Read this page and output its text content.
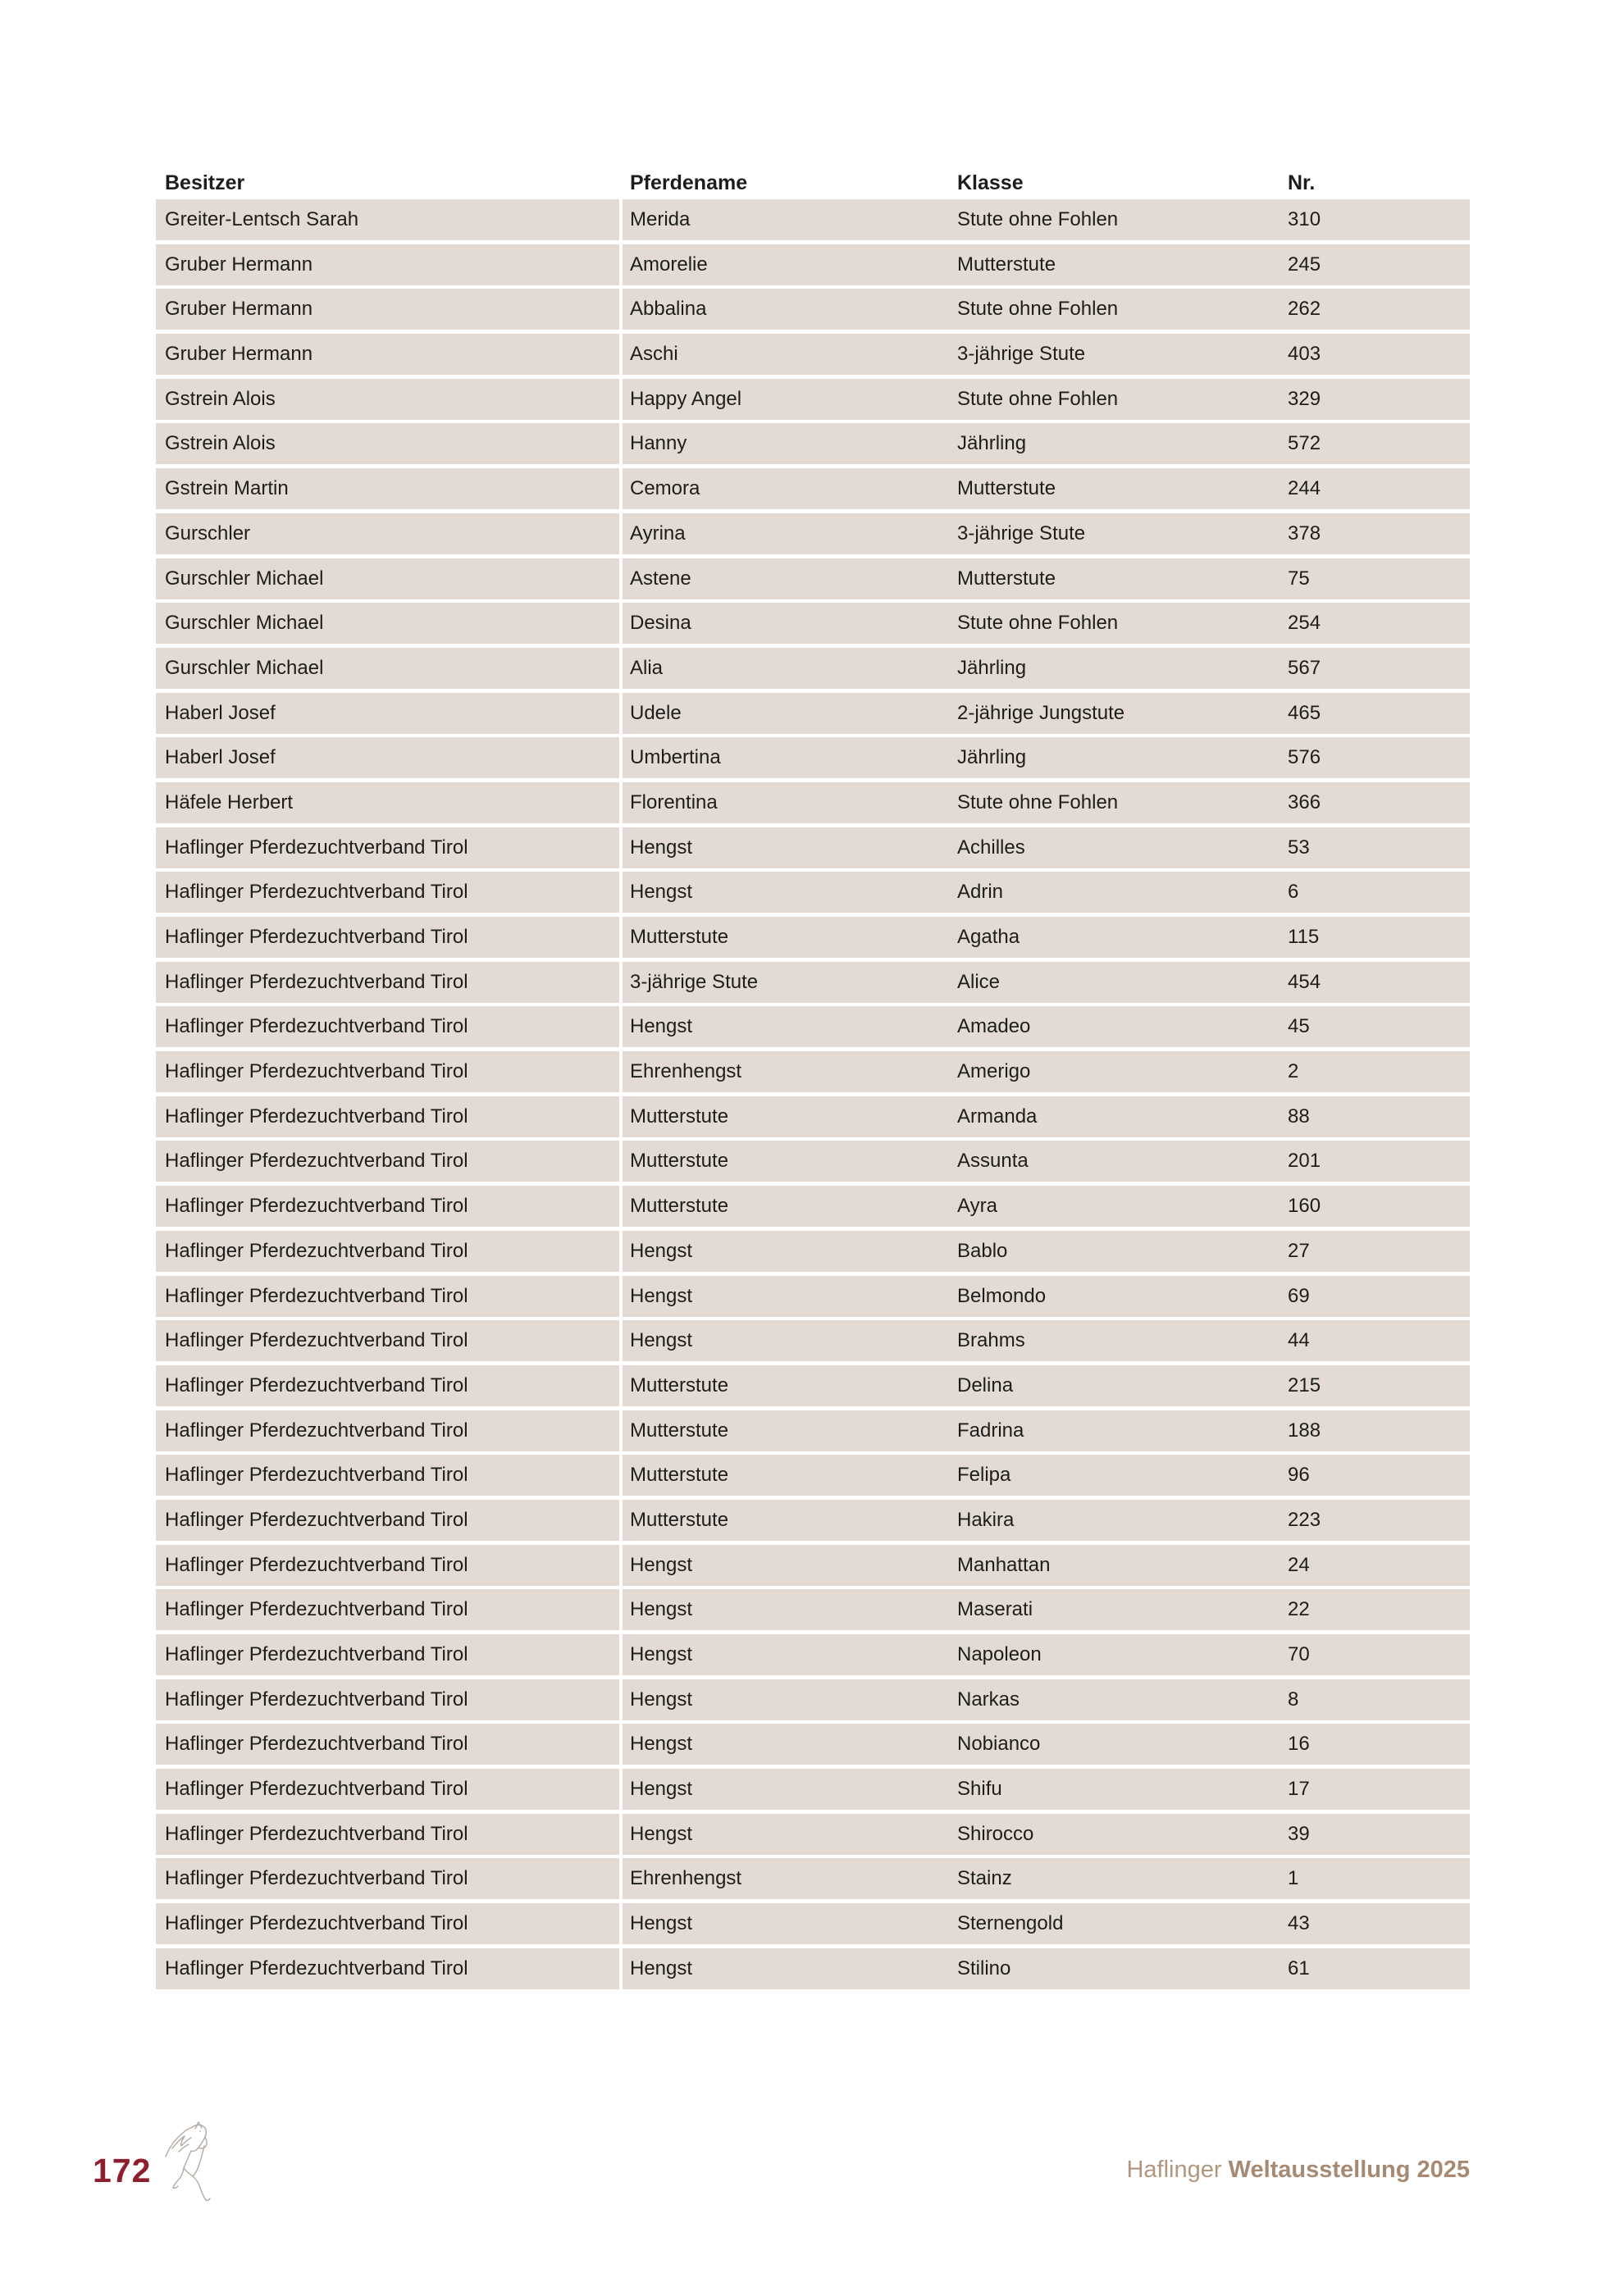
Besitzer	Pferdename	Klasse	Nr.
Greiter-Lentsch Sarah	Merida	Stute ohne Fohlen	310
Gruber Hermann	Amorelie	Mutterstute	245
Gruber Hermann	Abbalina	Stute ohne Fohlen	262
Gruber Hermann	Aschi	3-jährige Stute	403
Gstrein Alois	Happy Angel	Stute ohne Fohlen	329
Gstrein Alois	Hanny	Jährling	572
Gstrein Martin	Cemora	Mutterstute	244
Gurschler	Ayrina	3-jährige Stute	378
Gurschler Michael	Astene	Mutterstute	75
Gurschler Michael	Desina	Stute ohne Fohlen	254
Gurschler Michael	Alia	Jährling	567
Haberl Josef	Udele	2-jährige Jungstute	465
Haberl Josef	Umbertina	Jährling	576
Häfele Herbert	Florentina	Stute ohne Fohlen	366
Haflinger Pferdezuchtverband Tirol	Hengst	Achilles	53
Haflinger Pferdezuchtverband Tirol	Hengst	Adrin	6
Haflinger Pferdezuchtverband Tirol	Mutterstute	Agatha	115
Haflinger Pferdezuchtverband Tirol	3-jährige Stute	Alice	454
Haflinger Pferdezuchtverband Tirol	Hengst	Amadeo	45
Haflinger Pferdezuchtverband Tirol	Ehrenhengst	Amerigo	2
Haflinger Pferdezuchtverband Tirol	Mutterstute	Armanda	88
Haflinger Pferdezuchtverband Tirol	Mutterstute	Assunta	201
Haflinger Pferdezuchtverband Tirol	Mutterstute	Ayra	160
Haflinger Pferdezuchtverband Tirol	Hengst	Bablo	27
Haflinger Pferdezuchtverband Tirol	Hengst	Belmondo	69
Haflinger Pferdezuchtverband Tirol	Hengst	Brahms	44
Haflinger Pferdezuchtverband Tirol	Mutterstute	Delina	215
Haflinger Pferdezuchtverband Tirol	Mutterstute	Fadrina	188
Haflinger Pferdezuchtverband Tirol	Mutterstute	Felipa	96
Haflinger Pferdezuchtverband Tirol	Mutterstute	Hakira	223
Haflinger Pferdezuchtverband Tirol	Hengst	Manhattan	24
Haflinger Pferdezuchtverband Tirol	Hengst	Maserati	22
Haflinger Pferdezuchtverband Tirol	Hengst	Napoleon	70
Haflinger Pferdezuchtverband Tirol	Hengst	Narkas	8
Haflinger Pferdezuchtverband Tirol	Hengst	Nobianco	16
Haflinger Pferdezuchtverband Tirol	Hengst	Shifu	17
Haflinger Pferdezuchtverband Tirol	Hengst	Shirocco	39
Haflinger Pferdezuchtverband Tirol	Ehrenhengst	Stainz	1
Haflinger Pferdezuchtverband Tirol	Hengst	Sternengold	43
Haflinger Pferdezuchtverband Tirol	Hengst	Stilino	61
172	Haflinger Weltausstellung 2025
